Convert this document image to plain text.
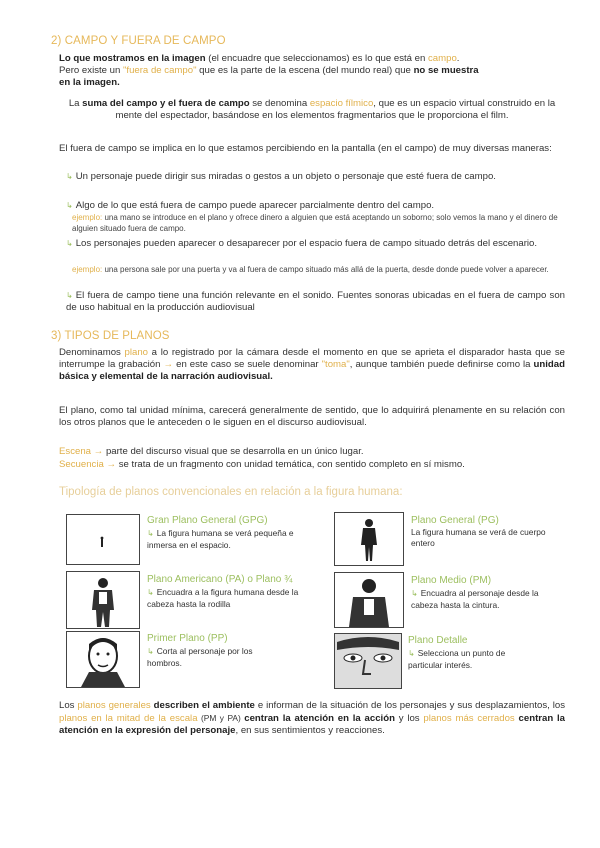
2) CAMPO Y FUERA DE CAMPO
Lo que mostramos en la imagen (el encuadre que seleccionamos) es lo que está en campo.
Pero existe un "fuera de campo" que es la parte de la escena (del mundo real) que no se muestra
en la imagen.
La suma del campo y el fuera de campo se denomina espacio fílmico, que es un espacio virtual construido en la mente del espectador, basándose en los elementos fragmentarios que le proporciona el film.
El fuera de campo se implica en lo que estamos percibiendo en la pantalla (en el campo) de muy diversas maneras:
↳ Un personaje puede dirigir sus miradas o gestos a un objeto o personaje que esté fuera de campo.
↳ Algo de lo que está fuera de campo puede aparecer parcialmente dentro del campo.
ejemplo: una mano se introduce en el plano y ofrece dinero a alguien que está aceptando un soborno; solo vemos la mano y el dinero de alguien situado fuera de campo.
↳ Los personajes pueden aparecer o desaparecer por el espacio fuera de campo situado detrás del escenario.
ejemplo: una persona sale por una puerta y va al fuera de campo situado más allá de la puerta, desde donde puede volver a aparecer.
↳ El fuera de campo tiene una función relevante en el sonido. Fuentes sonoras ubicadas en el fuera de campo son de uso habitual en la producción audiovisual
3) TIPOS DE PLANOS
Denominamos plano a lo registrado por la cámara desde el momento en que se aprieta el disparador hasta que se interrumpe la grabación → en este caso se suele denominar "toma", aunque también puede definirse como la unidad básica y elemental de la narración audiovisual.
El plano, como tal unidad mínima, carecerá generalmente de sentido, que lo adquirirá plenamente en su relación con los otros planos que le anteceden o le siguen en el discurso audiovisual.
Escena → parte del discurso visual que se desarrolla en un único lugar.
Secuencia → se trata de un fragmento con unidad temática, con sentido completo en sí mismo.
Tipología de planos convencionales en relación a la figura humana:
Gran Plano General (GPG)
↳ La figura humana se verá pequeña e inmersa en el espacio.
Plano General (PG)
La figura humana se verá de cuerpo entero
Plano Americano (PA) o Plano ¾
↳ Encuadra a la figura humana desde la cabeza hasta la rodilla
Plano Medio (PM)
↳ Encuadra al personaje desde la cabeza hasta la cintura.
Primer Plano (PP)
↳ Corta al personaje por los hombros.
Plano Detalle
↳ Selecciona un punto de particular interés.
Los planos generales describen el ambiente e informan de la situación de los personajes y sus desplazamientos, los planos en la mitad de la escala (PM y PA) centran la atención en la acción y los planos más cerrados centran la atención en la expresión del personaje, en sus sentimientos y reacciones.
